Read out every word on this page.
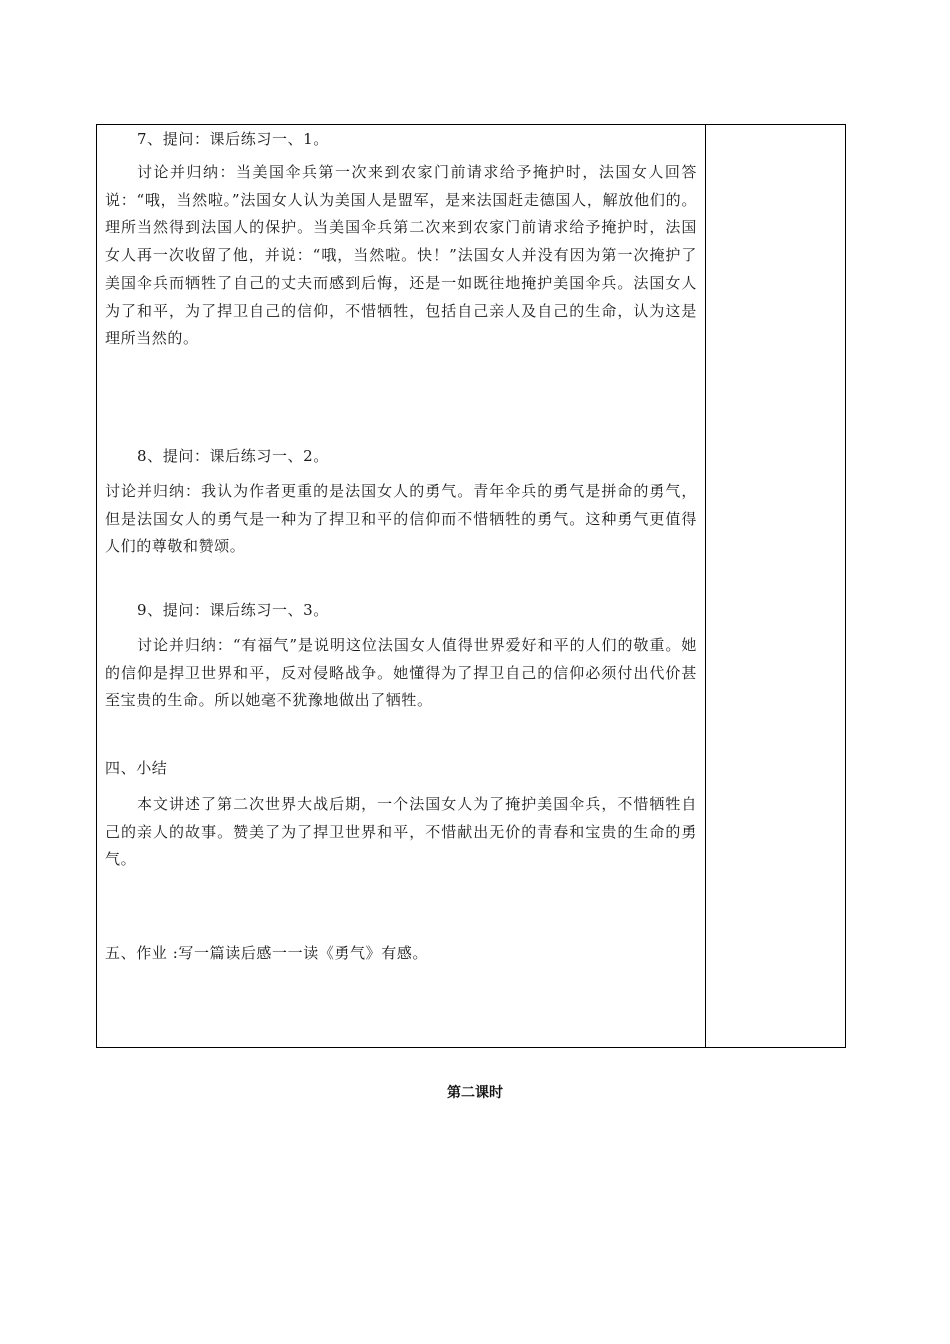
7、提问：课后练习一、1。

讨论并归纳：当美国伞兵第一次来到农家门前请求给予掩护时，法国女人回答说：“哦，当然啦。”法国女人认为美国人是盟军，是来法国赶走德国人，解放他们的。理所当然得到法国人的保护。当美国伞兵第二次来到农家门前请求给予掩护时，法国女人再一次收留了他，并说：“哦，当然啦。快！”法国女人并没有因为第一次掩护了美国伞兵而牺牲了自己的丈夫而感到后悔，还是一如既往地掩护美国伞兵。法国女人为了和平，为了捍卫自己的信仰，不惜牺牲，包括自己亲人及自己的生命，认为这是理所当然的。

8、提问：课后练习一、2。

讨论并归纳：我认为作者更重的是法国女人的勇气。青年伞兵的勇气是拼命的勇气，但是法国女人的勇气是一种为了捍卫和平的信仰而不惜牺牲的勇气。这种勇气更值得人们的尊敬和赞颂。

9、提问：课后练习一、3。

讨论并归纳：“有福气”是说明这位法国女人值得世界爱好和平的人们的敬重。她的信仰是捍卫世界和平，反对侵略战争。她懂得为了捍卫自己的信仰必须付出代价甚至宝贵的生命。所以她毫不犹豫地做出了牺牲。

四、小结

本文讲述了第二次世界大战后期，一个法国女人为了掩护美国伞兵，不惜牺牲自己的亲人的故事。赞美了为了捍卫世界和平，不惜献出无价的青春和宝贵的生命的勇气。

五、作业 :写一篇读后感一一读《勇气》有感。

第二课时
